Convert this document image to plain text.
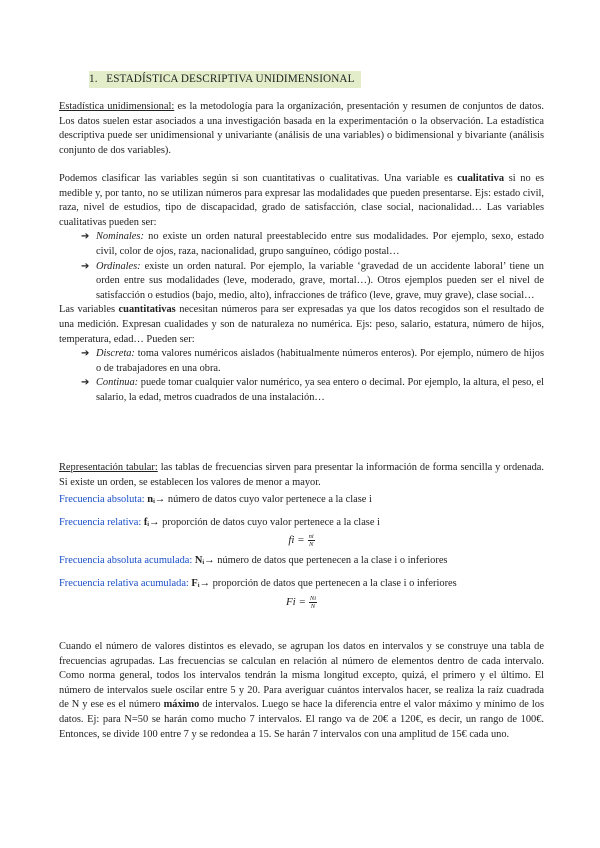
1. ESTADÍSTICA DESCRIPTIVA UNIDIMENSIONAL

Estadística unidimensional: es la metodología para la organización, presentación y resumen de conjuntos de datos. Los datos suelen estar asociados a una investigación basada en la experimentación o la observación. La estadística descriptiva puede ser unidimensional y univariante (análisis de una variables) o bidimensional y bivariante (análisis conjunto de dos variables).

Podemos clasificar las variables según si son cuantitativas o cualitativas. Una variable es cualitativa si no es medible y, por tanto, no se utilizan números para expresar las modalidades que pueden presentarse. Ejs: estado civil, raza, nivel de estudios, tipo de discapacidad, grado de satisfacción, clase social, nacionalidad… Las variables cualitativas pueden ser:

➔ Nominales: no existe un orden natural preestablecido entre sus modalidades. Por ejemplo, sexo, estado civil, color de ojos, raza, nacionalidad, grupo sanguíneo, código postal…

➔ Ordinales: existe un orden natural. Por ejemplo, la variable ‘gravedad de un accidente laboral’ tiene un orden entre sus modalidades (leve, moderado, grave, mortal…). Otros ejemplos pueden ser el nivel de satisfacción o estudios (bajo, medio, alto), infracciones de tráfico (leve, grave, muy grave), clase social…

Las variables cuantitativas necesitan números para ser expresadas ya que los datos recogidos son el resultado de una medición. Expresan cualidades y son de naturaleza no numérica. Ejs: peso, salario, estatura, número de hijos, temperatura, edad… Pueden ser:

➔ Discreta: toma valores numéricos aislados (habitualmente números enteros). Por ejemplo, número de hijos o de trabajadores en una obra.

➔ Continua: puede tomar cualquier valor numérico, ya sea entero o decimal. Por ejemplo, la altura, el peso, el salario, la edad, metros cuadrados de una instalación…

Representación tabular: las tablas de frecuencias sirven para presentar la información de forma sencilla y ordenada. Si existe un orden, se establecen los valores de menor a mayor.

Frecuencia absoluta: nᵢ→ número de datos cuyo valor pertenece a la clase i

Frecuencia relativa: fᵢ→ proporción de datos cuyo valor pertenece a la clase i

fi = $\frac{ni}{N}$

Frecuencia absoluta acumulada: Nᵢ→ número de datos que pertenecen a la clase i o inferiores

Frecuencia relativa acumulada: Fᵢ→ proporción de datos que pertenecen a la clase i o inferiores

$Fi = \frac{Ni}{N}$

Cuando el número de valores distintos es elevado, se agrupan los datos en intervalos y se construye una tabla de frecuencias agrupadas. Las frecuencias se calculan en relación al número de elementos dentro de cada intervalo. Como norma general, todos los intervalos tendrán la misma longitud excepto, quizá, el primero y el último. El número de intervalos suele oscilar entre 5 y 20. Para averiguar cuántos intervalos hacer, se realiza la raíz cuadrada de N y ese es el número máximo de intervalos. Luego se hace la diferencia entre el valor máximo y mínimo de los datos. Ej: para N=50 se harán como mucho 7 intervalos. El rango va de 20€ a 120€, es decir, un rango de 100€. Entonces, se divide 100 entre 7 y se redondea a 15. Se harán 7 intervalos con una amplitud de 15€ cada uno.
